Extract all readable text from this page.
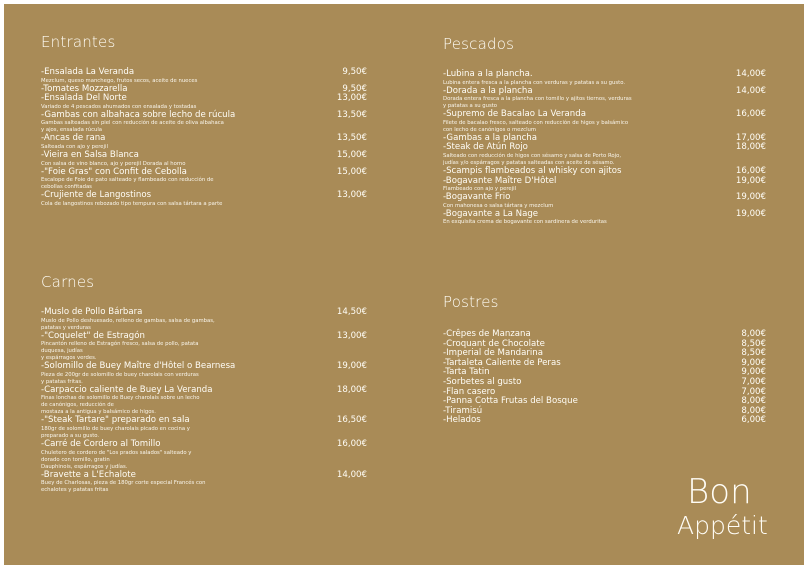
Entrantes
-Ensalada La Veranda	9,50€
Mezclum, queso manchego, frutos secos, aceite de nueces
-Tomates Mozzarella	9,50€
-Ensalada Del Norte	13,00€
Variado de 4 pescados ahumados con ensalada y tostadas
-Gambas con albahaca sobre lecho de rúcula	13,50€
Gambas salteadas sin piel con reducción de aceite de oliva albahaca
y ajos, ensalada rúcula
-Ancas de rana	13,50€
Salteada con ajo y perejil
-Vieira en Salsa Blanca	15,00€
Con salsa de vino blanco, ajo y perejil Dorada al horno
-"Foie Gras" con Confit de Cebolla	15,00€
Escalope de Foie de pato salteado y flambeado con reducción de
cebollas confitadas
-Crujiente de Langostinos	13,00€
Cola de langostinos rebozado tipo tempura con salsa tártara a parte
Carnes
-Muslo de Pollo Bárbara	14,50€
Muslo de Pollo deshuesado, relleno de gambas, salsa de gambas,
patatas y verduras
-"Coquelet" de Estragón	13,00€
Pincantón relleno de Estragón fresco, salsa de pollo, patata
duquesa, judías
y espárragos verdes.
-Solomillo de Buey Maître d'Hôtel o Bearnesa	19,00€
Pieza de 200gr de solomillo de buey charolais con verduras
y patatas fritas.
-Carpaccio caliente de Buey La Veranda	18,00€
Finas lonchas de solomillo de Buey charolais sobre un lecho
de canónigos, reducción de
mostaza a la antigua y balsámico de higos.
-"Steak Tartare" preparado en sala	16,50€
180gr de solomillo de buey charolais picado en cocina y
preparado a su gusto.
-Carré de Cordero al Tomillo	16,00€
Chuletero de cordero de "Los prados salados" salteado y
dorado con tomillo, gratin
Dauphinois, espárragos y judías.
-Bravette a L'Echalote	14,00€
Buey de Charlosas, pieza de 180gr corte especial Francés con
echalotes y patatas fritas
Pescados
-Lubina a la plancha.	14,00€
Lubina entera fresca a la plancha con verduras y patatas a su gusto.
-Dorada a la plancha	14,00€
Dorada entera fresca a la plancha con tomillo y ajitos tiernos, verduras
y patatas a su gusto
-Supremo de Bacalao La Veranda	16,00€
Filete de bacalao fresco, salteado con reducción de higos y balsámico
con lecho de canónigos o mezclum
-Gambas a la plancha	17,00€
-Steak de Atún Rojo	18,00€
Salteado con reducción de higos con sésamo y salsa de Porto Rojo,
judías y/o espárragos y patatas salteadas con aceite de sésamo.
-Scampis flambeados al whisky con ajitos	16,00€
-Bogavante Maître D'Hôtel	19,00€
Flambeado con ajo y perejil
-Bogavante Frio	19,00€
Con mahonesa o salsa tártara y mezclum
-Bogavante a La Nage	19,00€
En exquisita crema de bogavante con sardinera de verduritas
Postres
-Crêpes de Manzana	8,00€
-Croquant de Chocolate	8,50€
-Imperial de Mandarina	8,50€
-Tartaleta Caliente de Peras	9,00€
-Tarta Tatin	9,00€
-Sorbetes al gusto	7,00€
-Flan casero	7,00€
-Panna Cotta Frutas del Bosque	8,00€
-Tiramisú	8,00€
-Helados	6,00€
Bon
Appétit
